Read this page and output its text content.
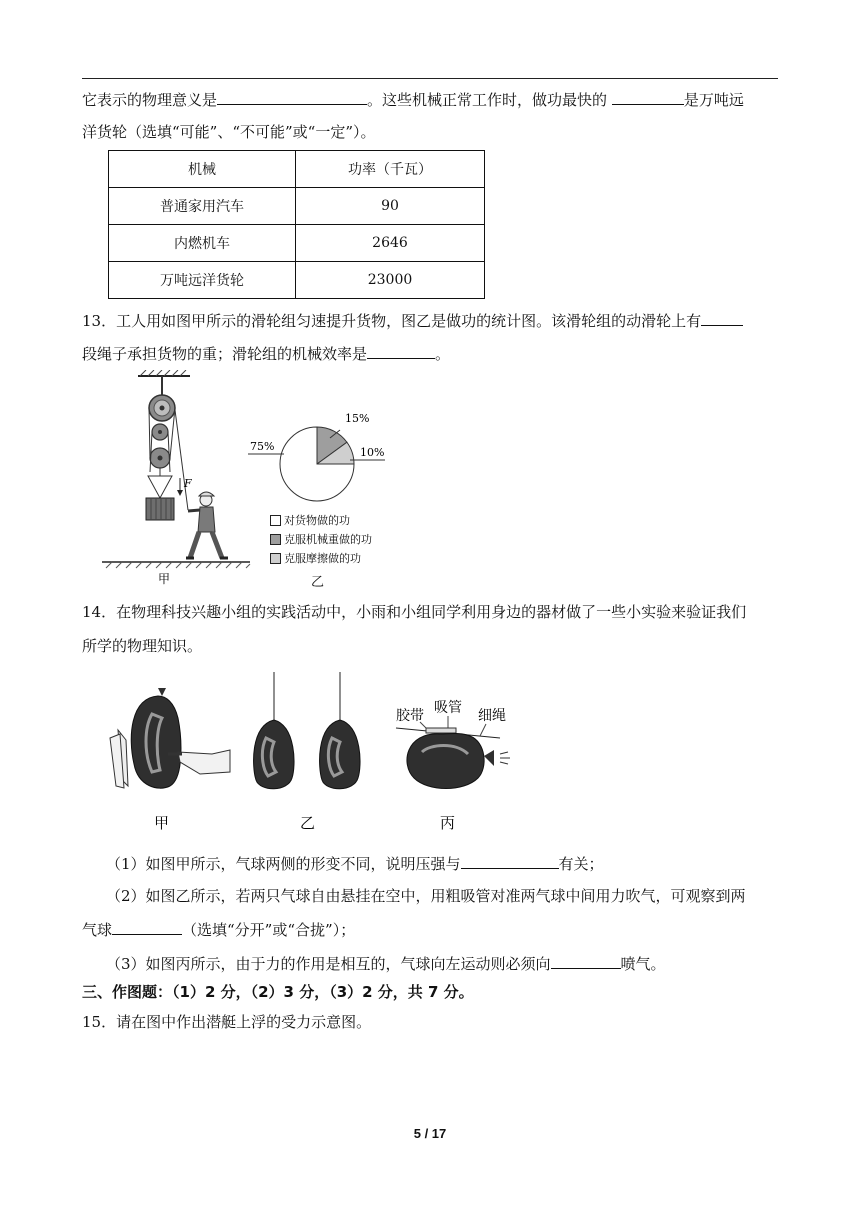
它表示的物理意义是	。这些机械正常工作时，做功最快的	是万吨远
洋货轮（选填“可能”、“不可能”或“一定”）。
机械	功率（千瓦）
普通家用汽车	90
内燃机车	2646
万吨远洋货轮	23000
13．工人用如图甲所示的滑轮组匀速提升货物，图乙是做功的统计图。该滑轮组的动滑轮上有
段绳子承担货物的重；滑轮组的机械效率是	。
F
甲
15%
10%
75%
对货物做的功
克服机械重做的功
克服摩擦做的功
乙
14．在物理科技兴趣小组的实践活动中，小雨和小组同学利用身边的器材做了一些小实验来验证我们
所学的物理知识。
胶带 吸管 细绳
甲	乙	丙
（1）如图甲所示，气球两侧的形变不同，说明压强与	有关；
（2）如图乙所示，若两只气球自由悬挂在空中，用粗吸管对准两气球中间用力吹气，可观察到两
气球	（选填“分开”或“合拢”）；
（3）如图丙所示，由于力的作用是相互的，气球向左运动则必须向	喷气。
三、作图题：（1）2 分，（2）3 分，（3）2 分，共 7 分。
15．请在图中作出潜艇上浮的受力示意图。
5 / 17
